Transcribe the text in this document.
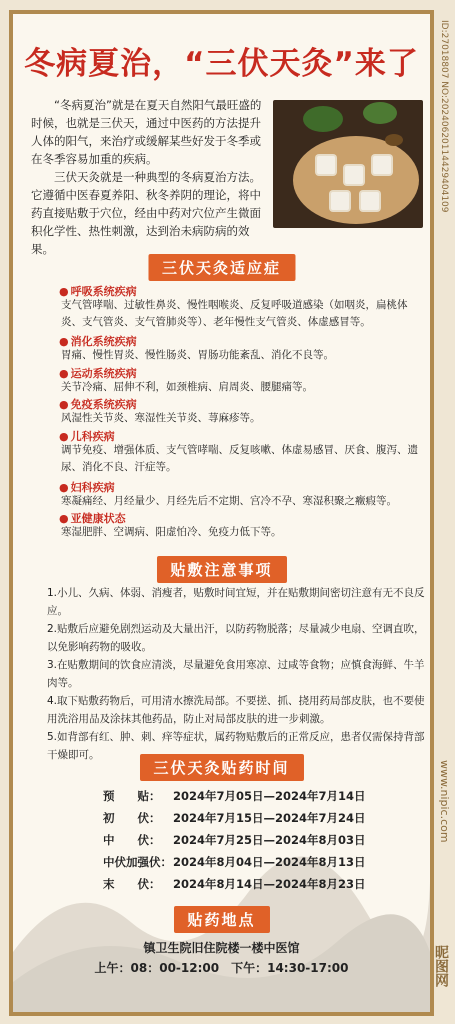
冬病夏治，“三伏天灸”来了

“冬病夏治”就是在夏天自然阳气最旺盛的时候，也就是三伏天，通过中医药的方法提升人体的阳气，来治疗或缓解某些好发于冬季或在冬季容易加重的疾病。

三伏天灸就是一种典型的冬病夏治方法。它遵循中医春夏养阳、秋冬养阴的理论，将中药直接贴敷于穴位，经由中药对穴位产生微面积化学性、热性刺激，达到治未病防病的效果。

三伏天灸适应症
● 呼吸系统疾病
支气管哮喘、过敏性鼻炎、慢性咽喉炎、反复呼吸道感染（如咽炎，扁桃体炎、支气管炎、支气管肺炎等）、老年慢性支气管炎、体虚感冒等。
● 消化系统疾病
胃痛、慢性胃炎、慢性肠炎、胃肠功能紊乱、消化不良等。
● 运动系统疾病
关节冷痛、屈伸不利，如颈椎病、肩周炎、腰腿痛等。
● 免疫系统疾病
风湿性关节炎、寒湿性关节炎、荨麻疹等。
● 儿科疾病
调节免疫、增强体质、支气管哮喘、反复咳嗽、体虚易感冒、厌食、腹泻、遗尿、消化不良、汗症等。
● 妇科疾病
寒凝痛经、月经量少、月经先后不定期、宫冷不孕、寒湿积聚之癥瘕等。
● 亚健康状态
寒湿肥胖、空调病、阳虚怕冷、免疫力低下等。
贴敷注意事项

1.小儿、久病、体弱、消瘦者，贴敷时间宜短，并在贴敷期间密切注意有无不良反应。

2.贴敷后应避免剧烈运动及大量出汗，以防药物脱落；尽量减少电扇、空调直吹，以免影响药物的吸收。

3.在贴敷期间的饮食应清淡，尽量避免食用寒凉、过咸等食物；应慎食海鲜、牛羊肉等。

4.取下贴敷药物后，可用清水擦洗局部。不要搓、抓、挠用药局部皮肤，也不要使用洗浴用品及涂抹其他药品，防止对局部皮肤的进一步刺激。

5.如背部有红、肿、刺、痒等症状，属药物贴敷后的正常反应，患者仅需保持背部干燥即可。

三伏天灸贴药时间
预　　贴： 2024年7月05日—2024年7月14日
初　　伏： 2024年7月15日—2024年7月24日
中　　伏： 2024年7月25日—2024年8月03日
中伏加强伏：2024年8月04日—2024年8月13日
末　　伏： 2024年8月14日—2024年8月23日
贴药地点
镇卫生院旧住院楼一楼中医馆
上午：08：00-12:00　下午：14:30-17:00
ID:27018807 NO:20240620114429404109
www.nipic.com
昵图网
